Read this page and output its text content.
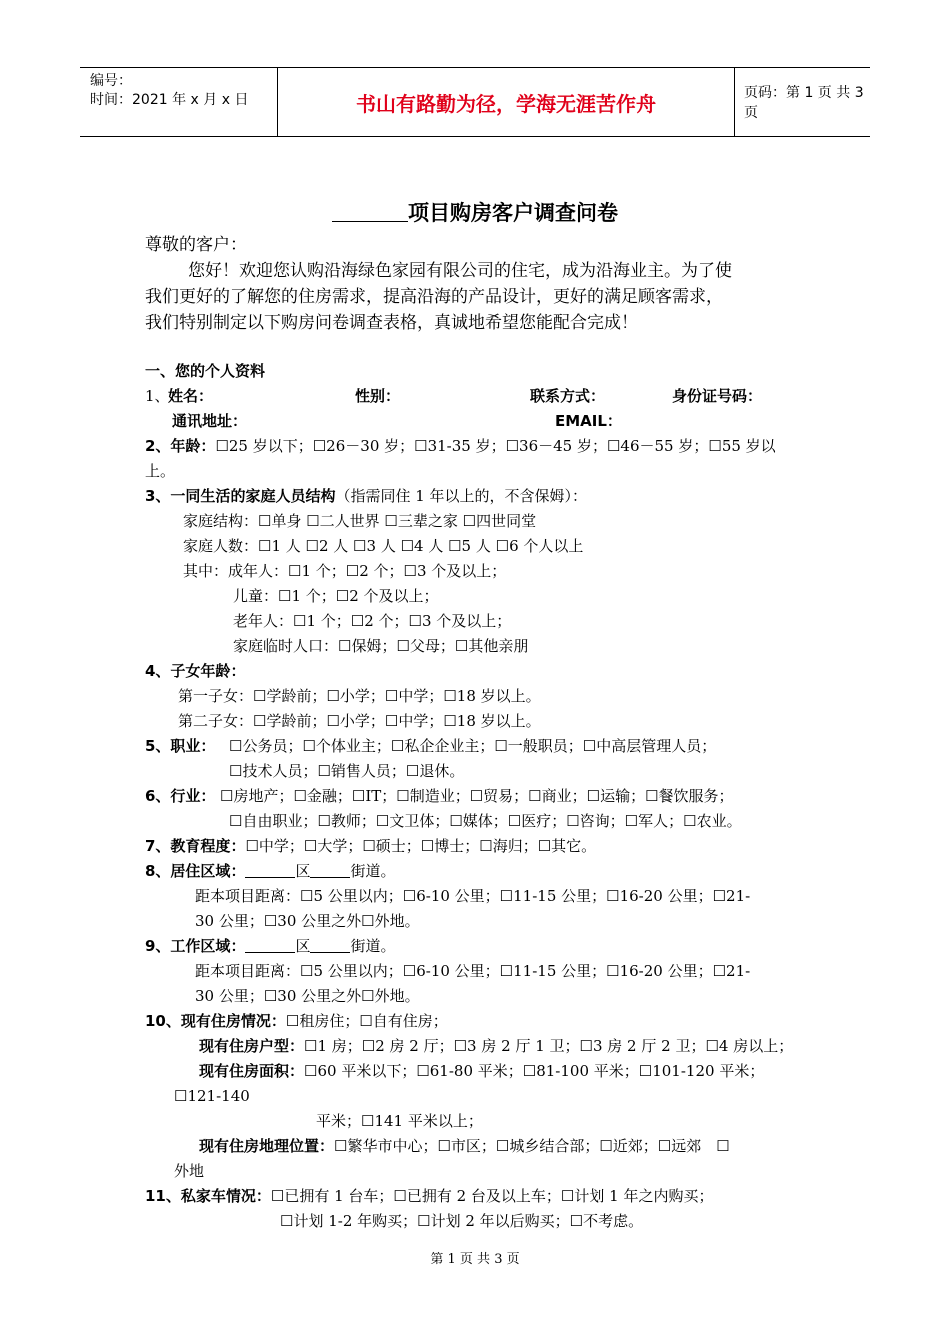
编号：
时间：2021 年 x 月 x 日	书山有路勤为径，学海无涯苦作舟	页码：第 1 页 共 3 页
项目购房客户调查问卷
尊敬的客户：
您好！欢迎您认购沿海绿色家园有限公司的住宅，成为沿海业主。为了使
我们更好的了解您的住房需求，提高沿海的产品设计，更好的满足顾客需求，
我们特别制定以下购房问卷调查表格，真诚地希望您能配合完成！
一、您的个人资料
1、
姓名：	性别：	联系方式：	身份证号码：
通讯地址：	EMAIL：
2、年龄：☐25 岁以下；☐26－30 岁；☐31-35 岁；☐36－45 岁；☐46－55 岁；☐55 岁以
上。
3、一同生活的家庭人员结构（指需同住 1 年以上的，不含保姆）：
家庭结构：☐单身 ☐二人世界 ☐三辈之家 ☐四世同堂
家庭人数：☐1 人 ☐2 人 ☐3 人 ☐4 人 ☐5 人 ☐6 个人以上
其中：成年人：☐1 个；☐2 个；☐3 个及以上；
儿童：☐1 个；☐2 个及以上；
老年人：☐1 个；☐2 个；☐3 个及以上；
家庭临时人口：☐保姆；☐父母；☐其他亲朋
4、子女年龄：
第一子女：☐学龄前；☐小学；☐中学；☐18 岁以上。
第二子女：☐学龄前；☐小学；☐中学；☐18 岁以上。
5、职业： ☐公务员；☐个体业主；☐私企企业主；☐一般职员；☐中高层管理人员；
☐技术人员；☐销售人员；☐退休。
6、行业： ☐房地产；☐金融；☐IT；☐制造业；☐贸易；☐商业；☐运输；☐餐饮服务；
☐自由职业；☐教师；☐文卫体；☐媒体；☐医疗；☐咨询；☐军人；☐农业。
7、教育程度：☐中学；☐大学；☐硕士；☐博士；☐海归；☐其它。
8、居住区域：	区	街道。
距本项目距离：☐5 公里以内；☐6-10 公里；☐11-15 公里；☐16-20 公里；☐21-
30 公里；☐30 公里之外☐外地。
9、工作区域：	区	街道。
距本项目距离：☐5 公里以内；☐6-10 公里；☐11-15 公里；☐16-20 公里；☐21-
30 公里；☐30 公里之外☐外地。
10、现有住房情况：☐租房住；☐自有住房；
现有住房户型：☐1 房；☐2 房 2 厅；☐3 房 2 厅 1 卫；☐3 房 2 厅 2 卫；☐4 房以上；
现有住房面积：☐60 平米以下；☐61-80 平米；☐81-100 平米；☐101-120 平米；
☐121-140
平米；☐141 平米以上；
现有住房地理位置：☐繁华市中心；☐市区；☐城乡结合部；☐近郊；☐远郊　☐
外地
11、私家车情况：☐已拥有 1 台车；☐已拥有 2 台及以上车；☐计划 1 年之内购买；
☐计划 1-2 年购买；☐计划 2 年以后购买；☐不考虑。
第 1 页 共 3 页
